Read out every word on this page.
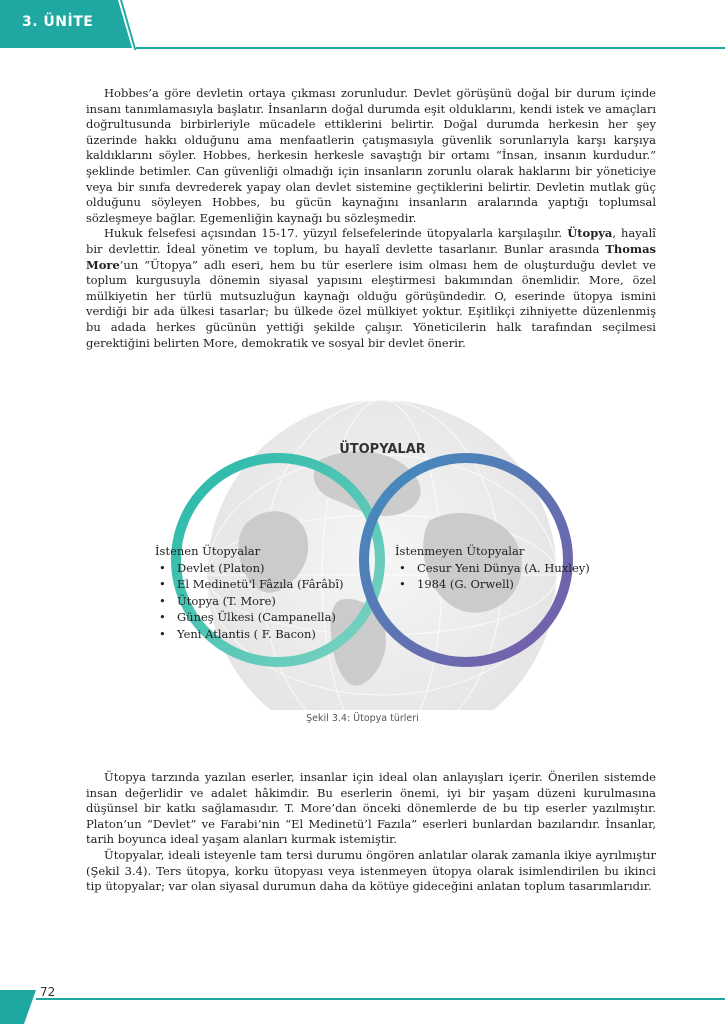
3. ÜNİTE

Hobbes’a göre devletin ortaya çıkması zorunludur. Devlet görüşünü doğal bir durum içinde insanı tanımlamasıyla başlatır. İnsanların doğal durumda eşit olduklarını, kendi istek ve amaçları doğrultusunda birbirleriyle mücadele ettiklerini belirtir. Doğal durumda herkesin her şey üzerinde hakkı olduğunu ama menfaatlerin çatışmasıyla güvenlik sorunlarıyla karşı karşıya kaldıklarını söyler. Hobbes, herkesin herkesle savaştığı bir ortamı “İnsan, insanın kurdudur.” şeklinde betimler. Can güvenliği olmadığı için insanların zorunlu olarak haklarını bir yöneticiye veya bir sınıfa devrederek yapay olan devlet sistemine geçtiklerini belirtir. Devletin mutlak güç olduğunu söyleyen Hobbes, bu gücün kaynağını insanların aralarında yaptığı toplumsal sözleşmeye bağlar. Egemenliğin kaynağı bu sözleşmedir.

Hukuk felsefesi açısından 15-17. yüzyıl felsefelerinde ütopyalarla karşılaşılır. Ütopya, hayalî bir devlettir. İdeal yönetim ve toplum, bu hayalî devlette tasarlanır. Bunlar arasında Thomas More’un “Ütopya” adlı eseri, hem bu tür eserlere isim olması hem de oluşturduğu devlet ve toplum kurgusuyla dönemin siyasal yapısını eleştirmesi bakımından önemlidir. More, özel mülkiyetin her türlü mutsuzluğun kaynağı olduğu görüşündedir. O, eserinde ütopya ismini verdiği bir ada ülkesi tasarlar; bu ülkede özel mülkiyet yoktur. Eşitlikçi zihniyette düzenlenmiş bu adada herkes gücünün yettiği şekilde çalışır. Yöneticilerin halk tarafından seçilmesi gerektiğini belirten More, demokratik ve sosyal bir devlet önerir.

ÜTOPYALAR
İstenen Ütopyalar
• Devlet (Platon)
• El Medinetü'l Fâzıla (Fârâbî)
• Ütopya (T. More)
• Güneş Ülkesi (Campanella)
• Yeni Atlantis ( F. Bacon)
İstenmeyen Ütopyalar
• Cesur Yeni Dünya (A. Huxley)
• 1984 (G. Orwell)
Şekil 3.4: Ütopya türleri

Ütopya tarzında yazılan eserler, insanlar için ideal olan anlayışları içerir. Önerilen sistemde insan değerlidir ve adalet hâkimdir. Bu eserlerin önemi, iyi bir yaşam düzeni kurulmasına düşünsel bir katkı sağlamasıdır. T. More’dan önceki dönemlerde de bu tip eserler yazılmıştır. Platon’un “Devlet” ve Farabi’nin “El Medinetü’l Fazıla” eserleri bunlardan bazılarıdır. İnsanlar, tarih boyunca ideal yaşam alanları kurmak istemiştir.

Ütopyalar, ideali isteyenle tam tersi durumu öngören anlatılar olarak zamanla ikiye ayrılmıştır (Şekil 3.4). Ters ütopya, korku ütopyası veya istenmeyen ütopya olarak isimlendirilen bu ikinci tip ütopyalar; var olan siyasal durumun daha da kötüye gideceğini anlatan toplum tasarımlarıdır.

72
